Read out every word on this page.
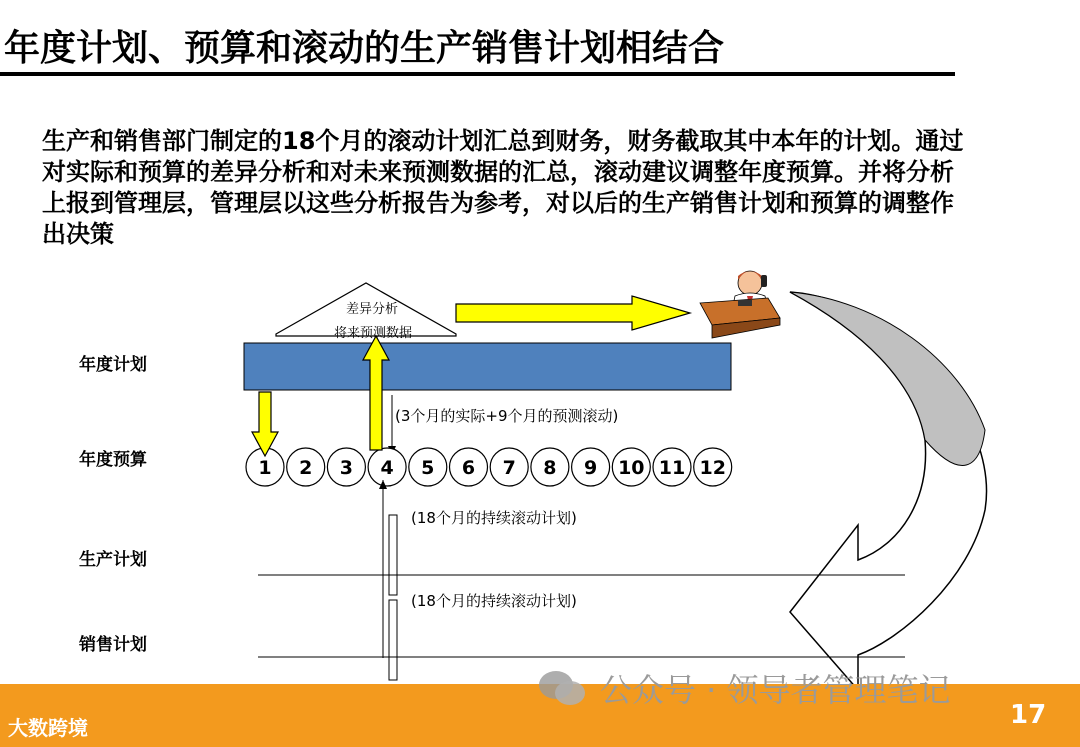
年度计划、预算和滚动的生产销售计划相结合
生产和销售部门制定的18个月的滚动计划汇总到财务，财务截取其中本年的计划。通过对实际和预算的差异分析和对未来预测数据的汇总，滚动建议调整年度预算。并将分析上报到管理层，管理层以这些分析报告为参考，对以后的生产销售计划和预算的调整作出决策
年度计划
年度预算
生产计划
销售计划
1 2 3 4 5 6 7 8 9 10 11 12
差异分析
将来预测数据
(3个月的实际+9个月的预测滚动)
(18个月的持续滚动计划)
(18个月的持续滚动计划)
大数跨境
公众号 · 领导者管理笔记
17
